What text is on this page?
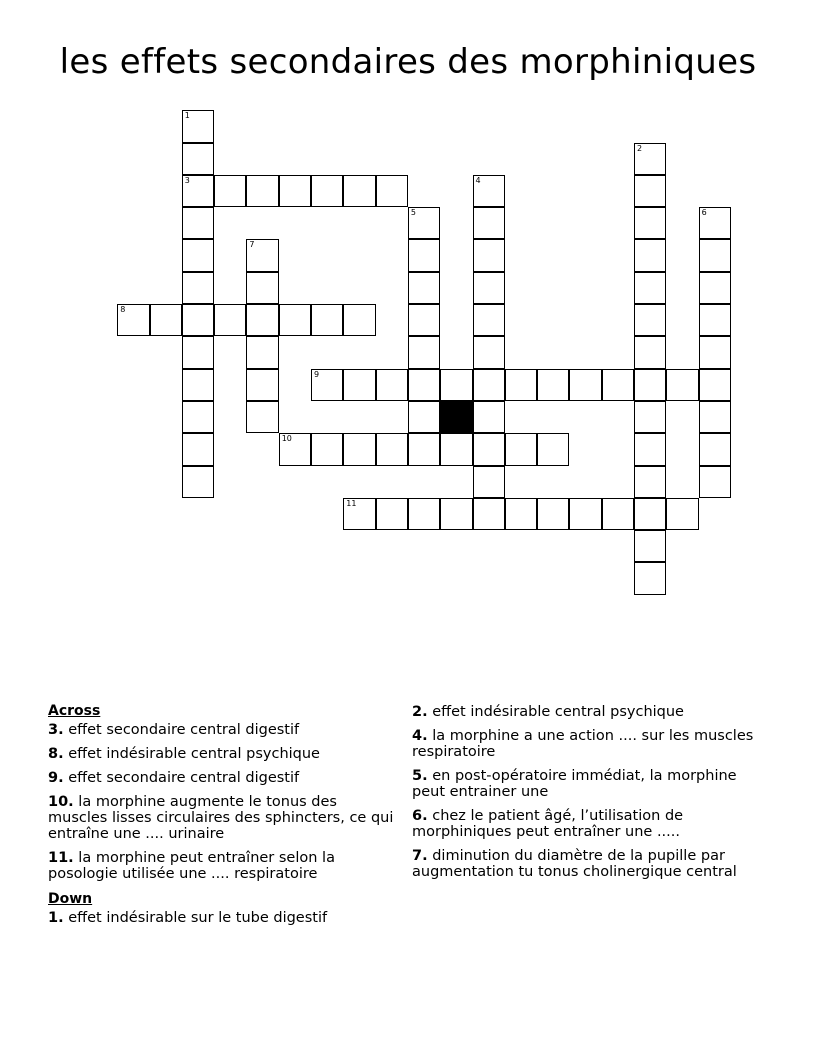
les effets secondaires des morphiniques
1
2
3	4
5	6
7
8
9
10
11
Across
3. effet secondaire central digestif
8. effet indésirable central psychique
9. effet secondaire central digestif
10. la morphine augmente le tonus des muscles lisses circulaires des sphincters, ce qui entraîne une .... urinaire
11. la morphine peut entraîner selon la posologie utilisée une .... respiratoire
Down
1. effet indésirable sur le tube digestif
2. effet indésirable central psychique
4. la morphine a une action .... sur les muscles respiratoire
5. en post-opératoire immédiat, la morphine peut entrainer une
6. chez le patient âgé, l’utilisation de morphiniques peut entraîner une .....
7. diminution du diamètre de la pupille par augmentation tu tonus cholinergique central
